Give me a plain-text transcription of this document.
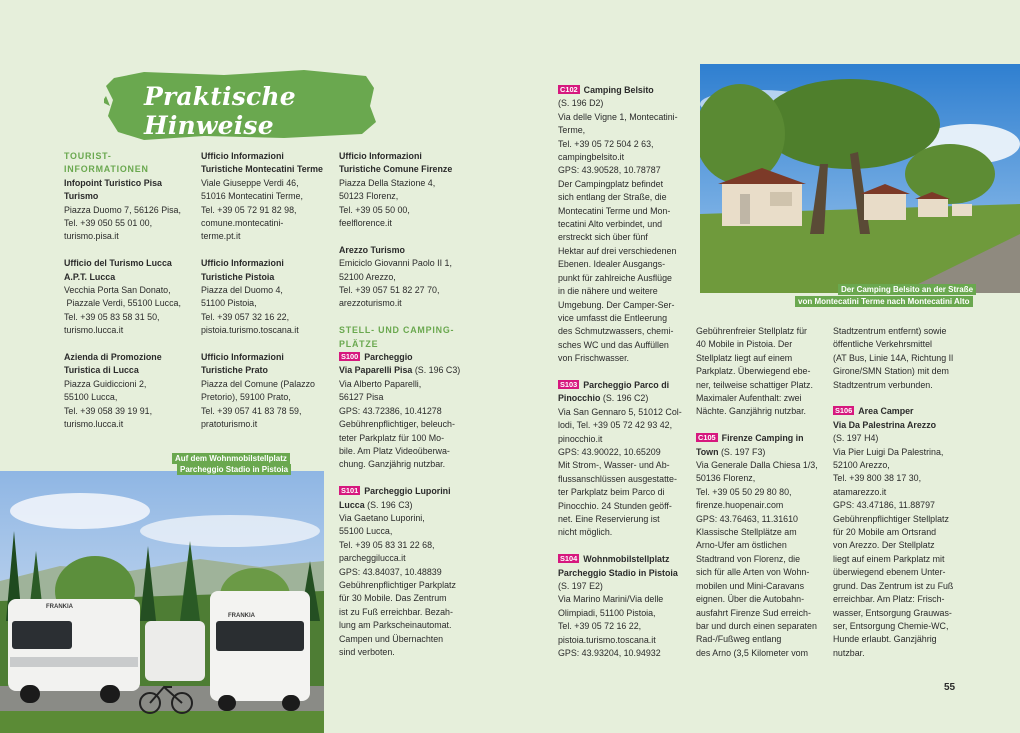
Praktische Hinweise

TOURIST-

INFORMATIONEN

Infopoint Turistico Pisa

Turismo

Piazza Duomo 7, 56126 Pisa,

Tel. +39 050 55 01 00,

turismo.pisa.it

Ufficio del Turismo Lucca

A.P.T. Lucca

Vecchia Porta San Donato,

Piazzale Verdi, 55100 Lucca,

Tel. +39 05 83 58 31 50,

turismo.lucca.it

Azienda di Promozione

Turistica di Lucca

Piazza Guidiccioni 2,

55100 Lucca,

Tel. +39 058 39 19 91,

turismo.lucca.it

Ufficio Informazioni

Turistiche Montecatini Terme

Viale Giuseppe Verdi 46,

51016 Montecatini Terme,

Tel. +39 05 72 91 82 98,

comune.montecatini-

terme.pt.it

Ufficio Informazioni

Turistiche Pistoia

Piazza del Duomo 4,

51100 Pistoia,

Tel. +39 057 32 16 22,

pistoia.turismo.toscana.it

Ufficio Informazioni

Turistiche Prato

Piazza del Comune (Palazzo

Pretorio), 59100 Prato,

Tel. +39 057 41 83 78 59,

pratoturismo.it

Ufficio Informazioni

Turistiche Comune Firenze

Piazza Della Stazione 4,

50123 Florenz,

Tel. +39 05 50 00,

feelflorence.it

Arezzo Turismo

Emiciclo Giovanni Paolo II 1,

52100 Arezzo,

Tel. +39 057 51 82 27 70,

arezzoturismo.it

STELL- UND CAMPING-

PLÄTZE

S100 Parcheggio

Via Paparelli Pisa (S. 196 C3)

Via Alberto Paparelli,

56127 Pisa

GPS: 43.72386, 10.41278

Gebührenpflichtiger, beleuch-

teter Parkplatz für 100 Mo-

bile. Am Platz Videoüberwa-

chung. Ganzjährig nutzbar.

S101 Parcheggio Luporini

Lucca (S. 196 C3)

Via Gaetano Luporini,

55100 Lucca,

Tel. +39 05 83 31 22 68,

parcheggilucca.it

GPS: 43.84037, 10.48839

Gebührenpflichtiger Parkplatz

für 30 Mobile. Das Zentrum

ist zu Fuß erreichbar. Bezah-

lung am Parkscheinautomat.

Campen und Übernachten

sind verboten.

C102 Camping Belsito

(S. 196 D2)

Via delle Vigne 1, Montecatini-

Terme,

Tel. +39 05 72 504 2 63,

campingbelsito.it

GPS: 43.90528, 10.78787

Der Campingplatz befindet

sich entlang der Straße, die

Montecatini Terme und Mon-

tecatini Alto verbindet, und

erstreckt sich über fünf

Hektar auf drei verschiedenen

Ebenen. Idealer Ausgangs-

punkt für zahlreiche Ausflüge

in die nähere und weitere

Umgebung. Der Camper-Ser-

vice umfasst die Entleerung

des Schmutzwassers, chemi-

sches WC und das Auffüllen

von Frischwasser.

S103 Parcheggio Parco di

Pinocchio (S. 196 C2)

Via San Gennaro 5, 51012 Col-

lodi, Tel. +39 05 72 42 93 42,

pinocchio.it

GPS: 43.90022, 10.65209

Mit Strom-, Wasser- und Ab-

flussanschlüssen ausgestatte-

ter Parkplatz beim Parco di

Pinocchio. 24 Stunden geöff-

net. Eine Reservierung ist

nicht möglich.

S104 Wohnmobilstellplatz

Parcheggio Stadio in Pistoia

(S. 197 E2)

Via Marino Marini/Via delle

Olimpiadi, 51100 Pistoia,

Tel. +39 05 72 16 22,

pistoia.turismo.toscana.it

GPS: 43.93204, 10.94932

Gebührenfreier Stellplatz für

40 Mobile in Pistoia. Der

Stellplatz liegt auf einem

Parkplatz. Überwiegend ebe-

ner, teilweise schattiger Platz.

Maximaler Aufenthalt: zwei

Nächte. Ganzjährig nutzbar.

C105 Firenze Camping in

Town (S. 197 F3)

Via Generale Dalla Chiesa 1/3,

50136 Florenz,

Tel. +39 05 50 29 80 80,

firenze.huopenair.com

GPS: 43.76463, 11.31610

Klassische Stellplätze am

Arno-Ufer am östlichen

Stadtrand von Florenz, die

sich für alle Arten von Wohn-

mobilen und Mini-Caravans

eignen. Über die Autobahn-

ausfahrt Firenze Sud erreich-

bar und durch einen separaten

Rad-/Fußweg entlang

des Arno (3,5 Kilometer vom

Stadtzentrum entfernt) sowie

öffentliche Verkehrsmittel

(AT Bus, Linie 14A, Richtung Il

Girone/SMN Station) mit dem

Stadtzentrum verbunden.

S106 Area Camper

Via Da Palestrina Arezzo

(S. 197 H4)

Via Pier Luigi Da Palestrina,

52100 Arezzo,

Tel. +39 800 38 17 30,

atamarezzo.it

GPS: 43.47186, 11.88797

Gebührenpflichtiger Stellplatz

für 20 Mobile am Ortsrand

von Arezzo. Der Stellplatz

liegt auf einem Parkplatz mit

überwiegend ebenem Unter-

grund. Das Zentrum ist zu Fuß

erreichbar. Am Platz: Frisch-

wasser, Entsorgung Grauwas-

ser, Entsorgung Chemie-WC,

Hunde erlaubt. Ganzjährig

nutzbar.

FRANKIA
FRANKIA
Auf dem Wohnmobilstellplatz
Parcheggio Stadio in Pistoia
Der Camping Belsito an der Straße
von Montecatini Terme nach Montecatini Alto
55
